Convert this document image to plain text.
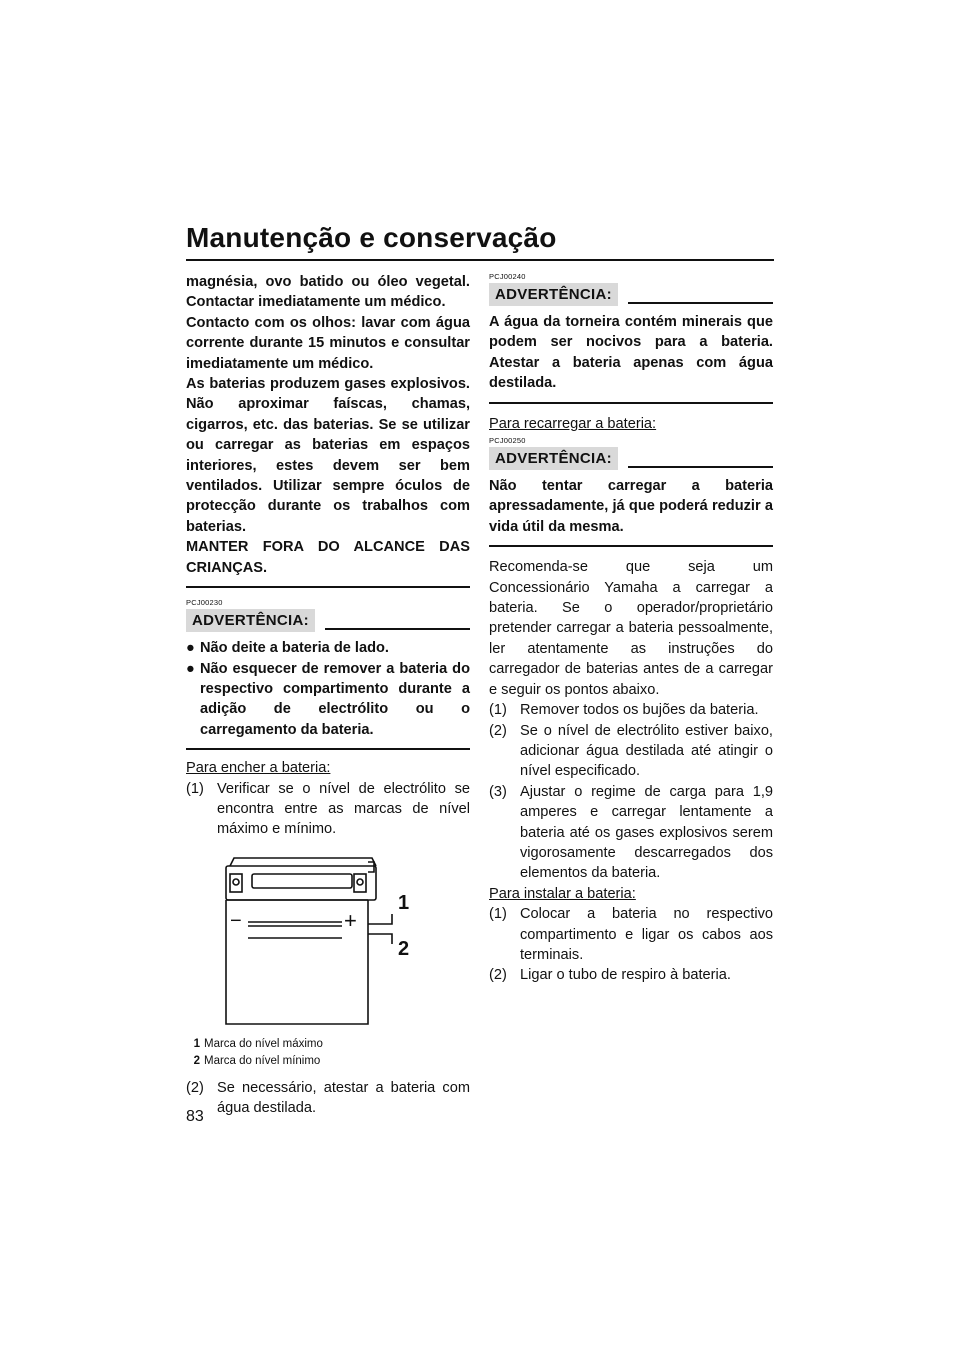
Manutenção e conservação

magnésia, ovo batido ou óleo vegetal. Contactar imediatamente um médico.

Contacto com os olhos: lavar com água corrente durante 15 minutos e consultar imediatamente um médico.

As baterias produzem gases explosivos. Não aproximar faíscas, chamas, cigarros, etc. das baterias. Se se utilizar ou carregar as baterias em espaços interiores, estes devem ser bem ventilados. Utilizar sempre óculos de protecção durante os trabalhos com baterias.

MANTER FORA DO ALCANCE DAS CRIANÇAS.

PCJ00230

ADVERTÊNCIA:

● Não deite a bateria de lado.

● Não esquecer de remover a bateria do respectivo compartimento durante a adição de electrólito ou o carregamento da bateria.

Para encher a bateria:

(1) Verificar se o nível de electrólito se encontra entre as marcas de nível máximo e mínimo.

−	+
1
2

1 Marca do nível máximo

2 Marca do nível mínimo

(2) Se necessário, atestar a bateria com água destilada.

PCJ00240

ADVERTÊNCIA:

A água da torneira contém minerais que podem ser nocivos para a bateria. Atestar a bateria apenas com água destilada.

Para recarregar a bateria:

PCJ00250

ADVERTÊNCIA:

Não tentar carregar a bateria apressadamente, já que poderá reduzir a vida útil da mesma.

Recomenda-se que seja um Concessionário Yamaha a carregar a bateria. Se o operador/proprietário pretender carregar a bateria pessoalmente, ler atentamente as instruções do carregador de baterias antes de a carregar e seguir os pontos abaixo.

(1) Remover todos os bujões da bateria.

(2) Se o nível de electrólito estiver baixo, adicionar água destilada até atingir o nível especificado.

(3) Ajustar o regime de carga para 1,9 amperes e carregar lentamente a bateria até os gases explosivos serem vigorosamente descarregados dos elementos da bateria.

Para instalar a bateria:

(1) Colocar a bateria no respectivo compartimento e ligar os cabos aos terminais.

(2) Ligar o tubo de respiro à bateria.

83
